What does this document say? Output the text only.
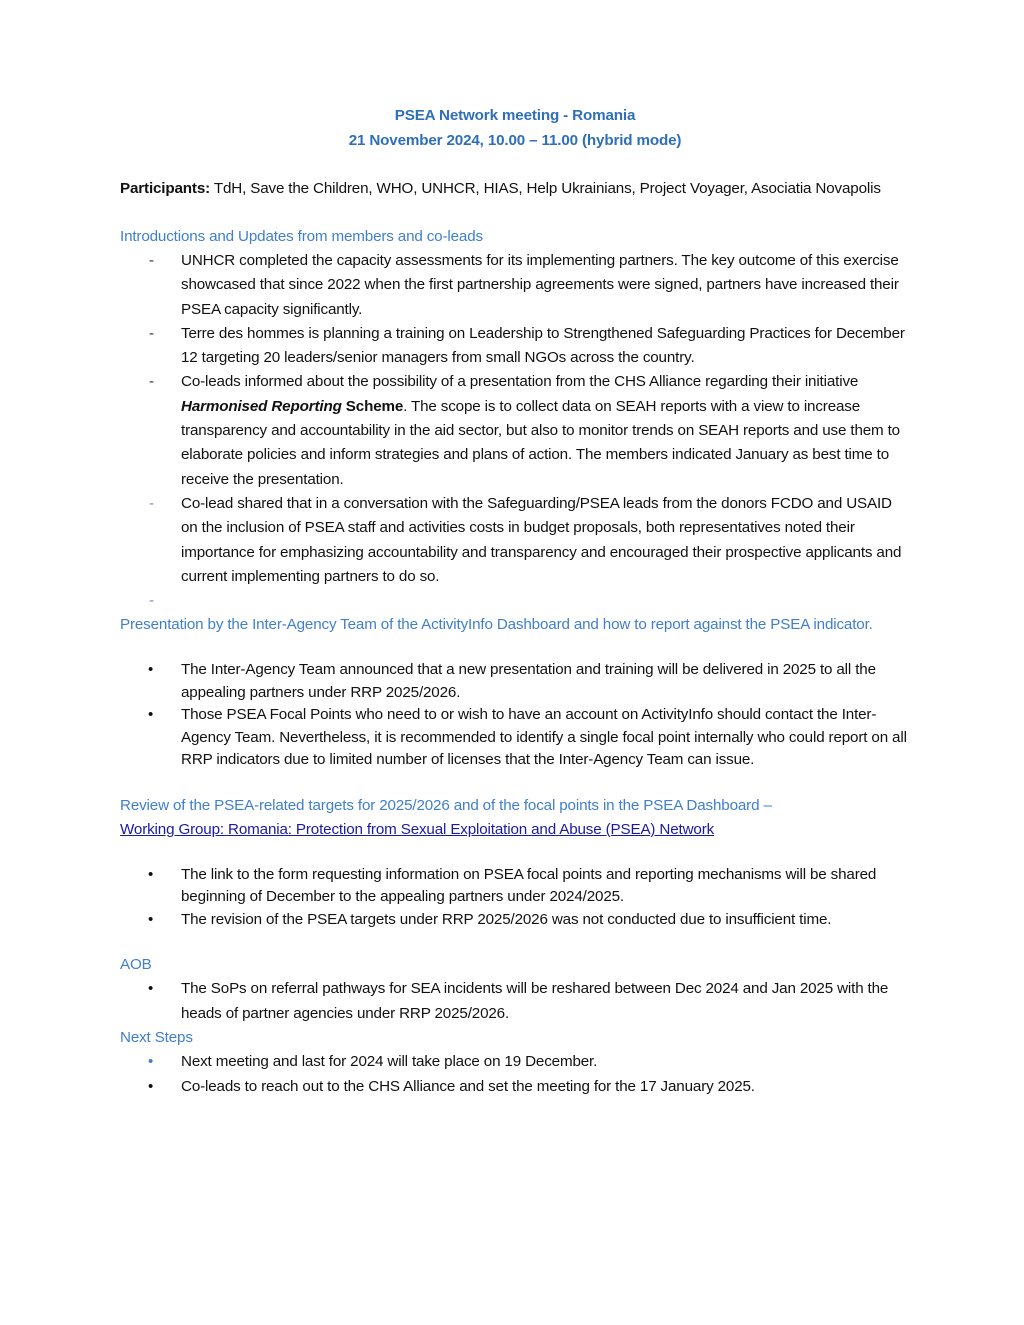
PSEA Network meeting - Romania
21 November 2024, 10.00 – 11.00 (hybrid mode)
Participants: TdH, Save the Children, WHO, UNHCR, HIAS, Help Ukrainians, Project Voyager, Asociatia Novapolis
Introductions and Updates from members and co-leads
- UNHCR completed the capacity assessments for its implementing partners. The key outcome of this exercise showcased that since 2022 when the first partnership agreements were signed, partners have increased their PSEA capacity significantly.
- Terre des hommes is planning a training on Leadership to Strengthened Safeguarding Practices for December 12 targeting 20 leaders/senior managers from small NGOs across the country.
- Co-leads informed about the possibility of a presentation from the CHS Alliance regarding their initiative Harmonised Reporting Scheme. The scope is to collect data on SEAH reports with a view to increase transparency and accountability in the aid sector, but also to monitor trends on SEAH reports and use them to elaborate policies and inform strategies and plans of action. The members indicated January as best time to receive the presentation.
- Co-lead shared that in a conversation with the Safeguarding/PSEA leads from the donors FCDO and USAID on the inclusion of PSEA staff and activities costs in budget proposals, both representatives noted their importance for emphasizing accountability and transparency and encouraged their prospective applicants and current implementing partners to do so.
-

Presentation by the Inter-Agency Team of the ActivityInfo Dashboard and how to report against the PSEA indicator.
• The Inter-Agency Team announced that a new presentation and training will be delivered in 2025 to all the appealing partners under RRP 2025/2026.
• Those PSEA Focal Points who need to or wish to have an account on ActivityInfo should contact the Inter-Agency Team. Nevertheless, it is recommended to identify a single focal point internally who could report on all RRP indicators due to limited number of licenses that the Inter-Agency Team can issue.
Review of the PSEA-related targets for 2025/2026 and of the focal points in the PSEA Dashboard –
Working Group: Romania: Protection from Sexual Exploitation and Abuse (PSEA) Network
• The link to the form requesting information on PSEA focal points and reporting mechanisms will be shared beginning of December to the appealing partners under 2024/2025.
• The revision of the PSEA targets under RRP 2025/2026 was not conducted due to insufficient time.
AOB
• The SoPs on referral pathways for SEA incidents will be reshared between Dec 2024 and Jan 2025 with the heads of partner agencies under RRP 2025/2026.
Next Steps
• Next meeting and last for 2024 will take place on 19 December.
• Co-leads to reach out to the CHS Alliance and set the meeting for the 17 January 2025.
